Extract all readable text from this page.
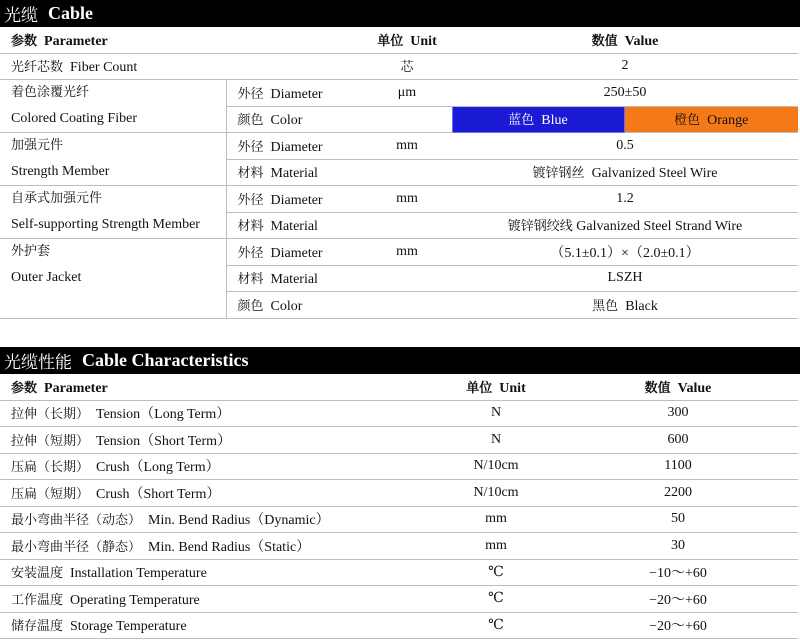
光缆 Cable
参数 Parameter		单位 Unit	数值 Value	
光纤芯数 Fiber Count		芯	2	

着色涂覆光纤
Colored Coating Fiber	外径 Diameter	μm	250±50	
	颜色 Color		蓝色 Blue	橙色 Orange

加强元件
Strength Member	外径 Diameter	mm	0.5	
	材料 Material		镀锌钢丝 Galvanized Steel Wire	

自承式加强元件
Self-supporting Strength Member	外径 Diameter	mm	1.2	
	材料 Material		镀锌钢绞线 Galvanized Steel Strand Wire	

外护套
Outer Jacket	外径 Diameter	mm	（5.1±0.1）×（2.0±0.1）	
	材料 Material		LSZH	
	颜色 Color		黑色 Black	
光缆性能 Cable Characteristics
参数 Parameter	单位 Unit	数值 Value
拉伸（长期） Tension（Long Term）	N	300
拉伸（短期） Tension（Short Term）	N	600
压扁（长期） Crush（Long Term）	N/10cm	1100
压扁（短期） Crush（Short Term）	N/10cm	2200
最小弯曲半径（动态） Min. Bend Radius（Dynamic）	mm	50
最小弯曲半径（静态） Min. Bend Radius（Static）	mm	30
安装温度 Installation Temperature	℃	−10～+60
工作温度 Operating Temperature	℃	−20～+60
储存温度 Storage Temperature	℃	−20～+60
